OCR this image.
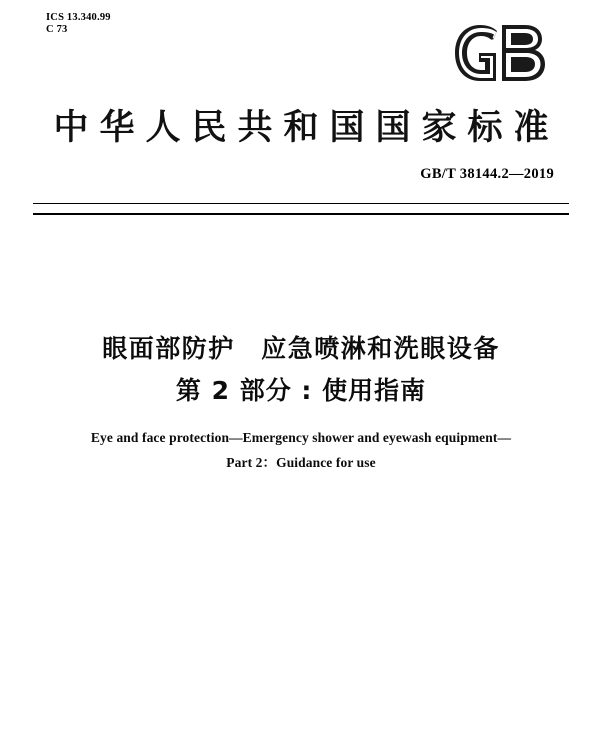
ICS 13.340.99
C 73
中华人民共和国国家标准
GB/T 38144.2—2019
眼面部防护　应急喷淋和洗眼设备
第 2 部分 : 使用指南
Eye and face protection—Emergency shower and eyewash equipment—
Part 2：Guidance for use
